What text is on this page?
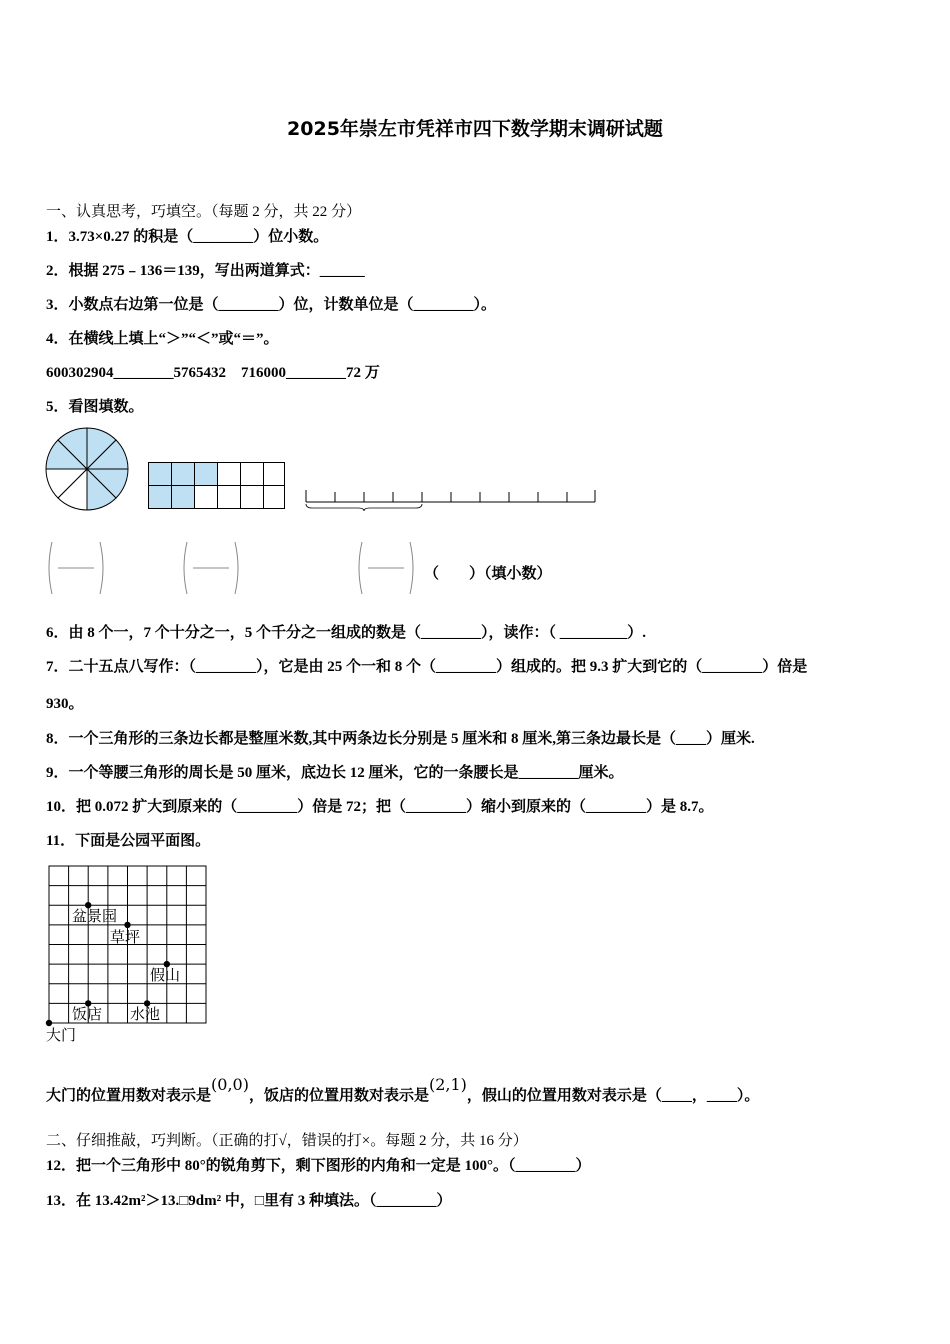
2025年崇左市凭祥市四下数学期末调研试题
一、认真思考，巧填空。（每题 2 分，共 22 分）
1．3.73×0.27 的积是（________）位小数。
2．根据 275﹣136＝139，写出两道算式：______
3．小数点右边第一位是（________）位，计数单位是（________）。
4．在横线上填上“＞”“＜”或“＝”。
600302904________5765432　716000________72 万
5．看图填数。
（　　）（填小数）
6．由 8 个一，7 个十分之一，5 个千分之一组成的数是（________），读作：（ _________）.
7．二十五点八写作：（________），它是由 25 个一和 8 个（________）组成的。把 9.3 扩大到它的（________）倍是
930。
8．一个三角形的三条边长都是整厘米数,其中两条边长分别是 5 厘米和 8 厘米,第三条边最长是（____）厘米.
9．一个等腰三角形的周长是 50 厘米，底边长 12 厘米，它的一条腰长是________厘米。
10．把 0.072 扩大到原来的（________）倍是 72；把（________）缩小到原来的（________）是 8.7。
11．下面是公园平面图。
盆景园
草坪
假山
饭店 水池
大门
大门的位置用数对表示是(0,0)，饭店的位置用数对表示是(2,1)，假山的位置用数对表示是（____，____）。
二、仔细推敲，巧判断。（正确的打√，错误的打×。每题 2 分，共 16 分）
12．把一个三角形中 80°的锐角剪下，剩下图形的内角和一定是 100°。（________）
13．在 13.42m²＞13.□9dm² 中，□里有 3 种填法。（________）
